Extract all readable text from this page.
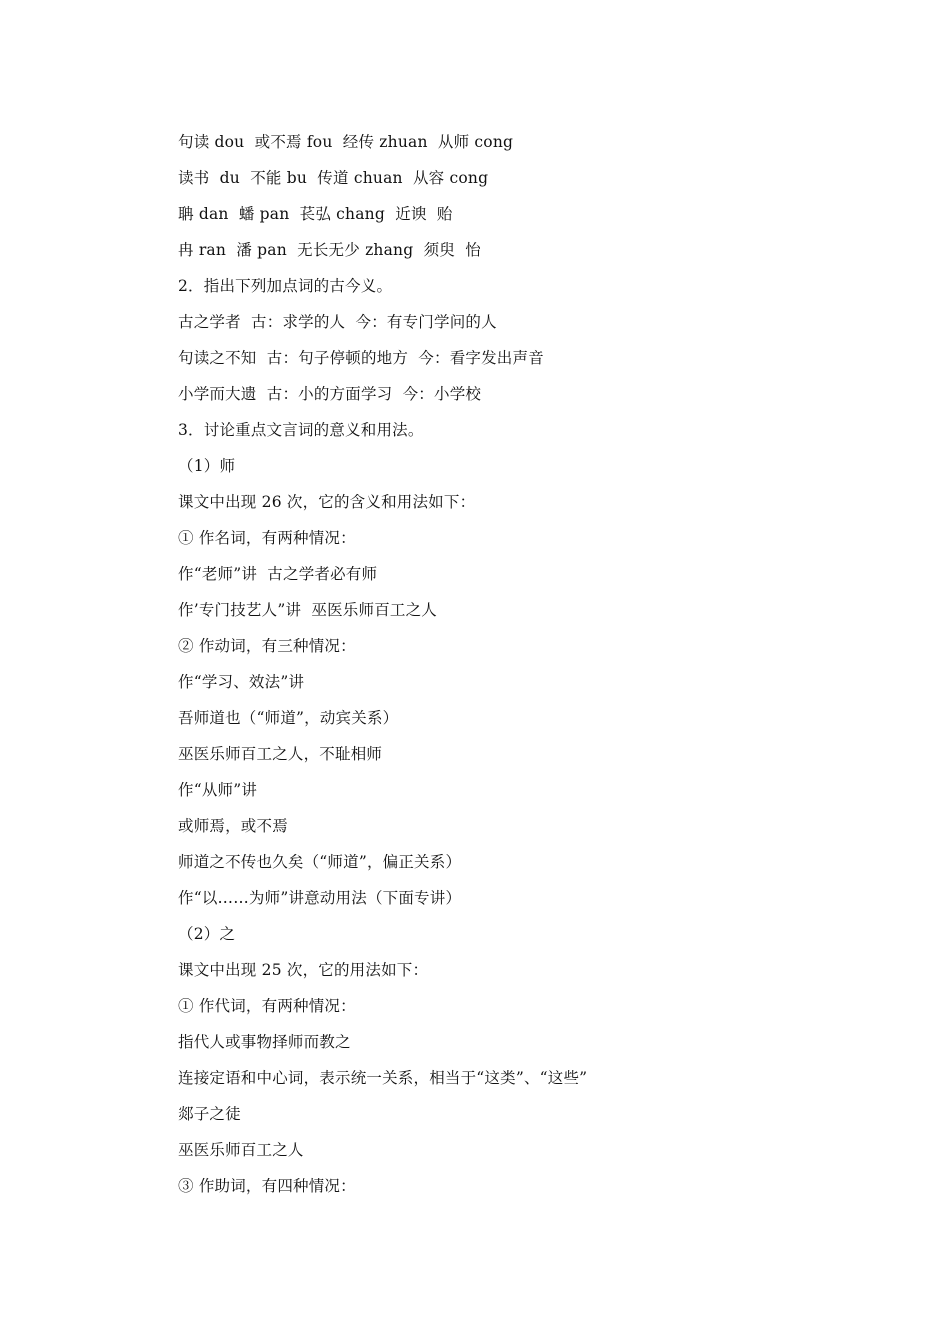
句读 dou  或不焉 fou  经传 zhuan  从师 cong
读书  du  不能 bu  传道 chuan  从容 cong
聃 dan  蟠 pan  苌弘 chang  近谀  贻
冉 ran  潘 pan  无长无少 zhang  须臾  怡
2．指出下列加点词的古今义。
古之学者  古：求学的人  今：有专门学问的人
句读之不知  古：句子停顿的地方  今：看字发出声音
小学而大遗  古：小的方面学习  今：小学校
3．讨论重点文言词的意义和用法。
（1）师
课文中出现 26 次，它的含义和用法如下：
① 作名词，有两种情况：
作“老师”讲  古之学者必有师
作’专门技艺人”讲  巫医乐师百工之人
② 作动词，有三种情况：
作“学习、效法”讲
吾师道也（“师道”，动宾关系）
巫医乐师百工之人，不耻相师
作“从师”讲
或师焉，或不焉
师道之不传也久矣（“师道”，偏正关系）
作“以……为师”讲意动用法（下面专讲）
（2）之
课文中出现 25 次，它的用法如下：
① 作代词，有两种情况：
指代人或事物择师而教之
连接定语和中心词，表示统一关系，相当于“这类”、“这些”
郯子之徒
巫医乐师百工之人
③ 作助词，有四种情况：
